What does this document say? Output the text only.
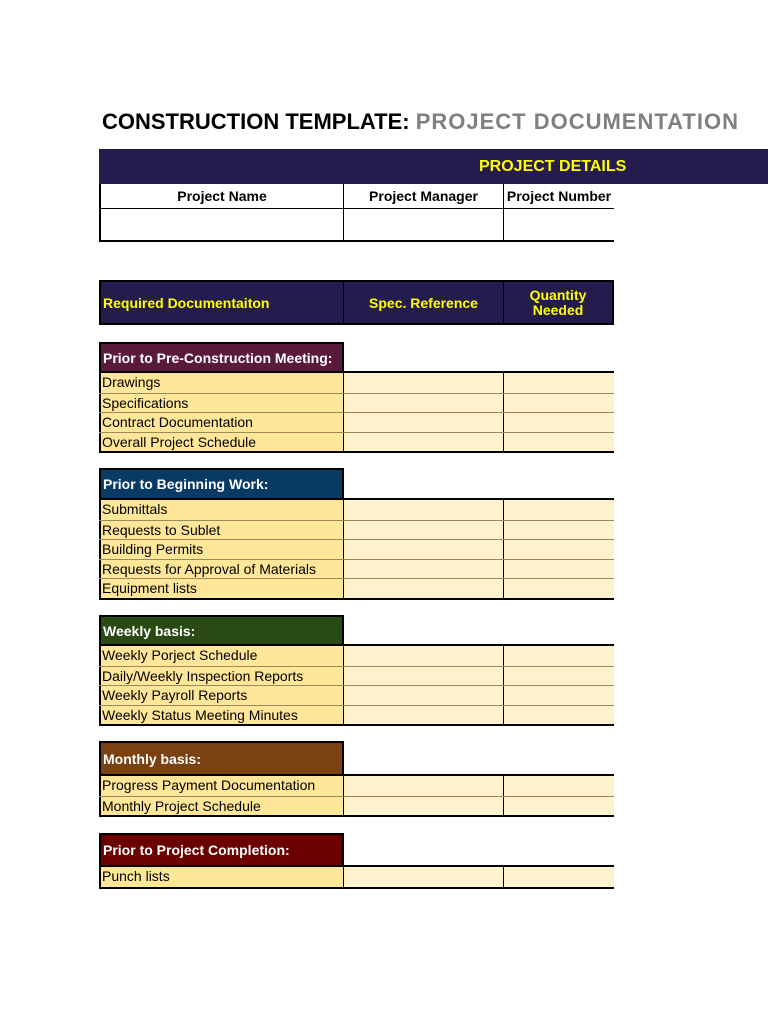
CONSTRUCTION TEMPLATE: PROJECT DOCUMENTATION
PROJECT DETAILS
Project Name	Project Manager	Project Number
Required Documentaiton	Spec. Reference	Quantity Needed
Prior to Pre-Construction Meeting:
Drawings
Specifications
Contract Documentation
Overall Project Schedule
Prior to Beginning Work:
Submittals
Requests to Sublet
Building Permits
Requests for Approval of Materials
Equipment lists
Weekly basis:
Weekly Porject Schedule
Daily/Weekly Inspection Reports
Weekly Payroll Reports
Weekly Status Meeting Minutes
Monthly basis:
Progress Payment Documentation
Monthly Project Schedule
Prior to Project Completion:
Punch lists
